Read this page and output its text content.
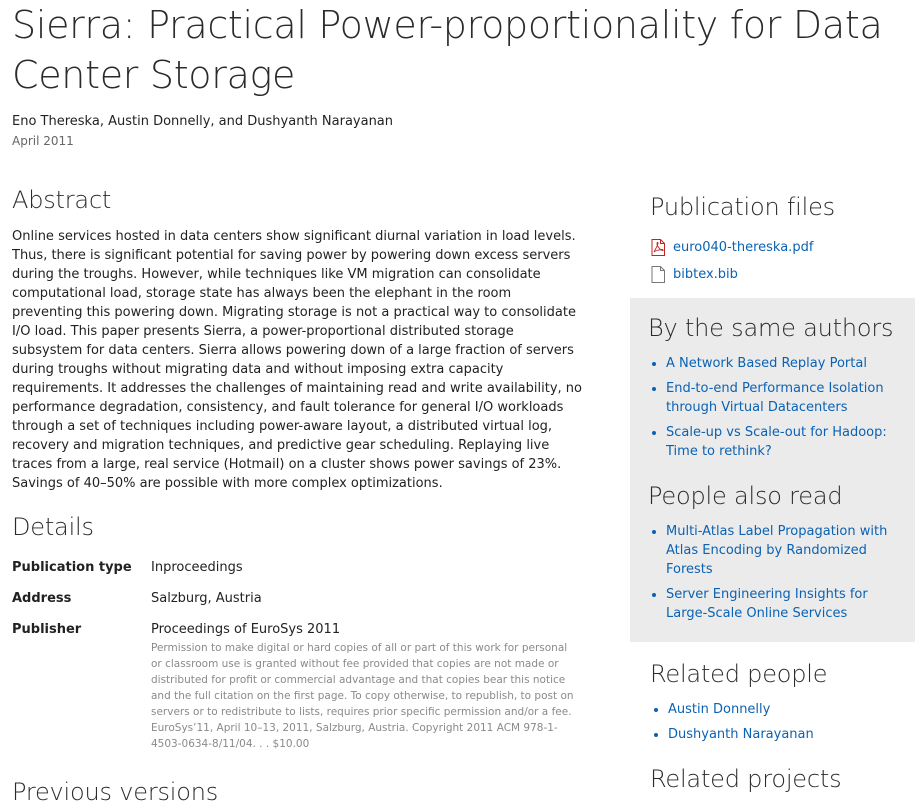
Sierra: Practical Power-proportionality for Data Center Storage
Eno Thereska, Austin Donnelly, and Dushyanth Narayanan
April 2011
Abstract

Online services hosted in data centers show significant diurnal variation in load levels. Thus, there is significant potential for saving power by powering down excess servers during the troughs. However, while techniques like VM migration can consolidate computational load, storage state has always been the elephant in the room preventing this powering down. Migrating storage is not a practical way to consolidate I/O load. This paper presents Sierra, a power-proportional distributed storage subsystem for data centers. Sierra allows powering down of a large fraction of servers during troughs without migrating data and without imposing extra capacity requirements. It addresses the challenges of maintaining read and write availability, no performance degradation, consistency, and fault tolerance for general I/O workloads through a set of techniques including power-aware layout, a distributed virtual log, recovery and migration techniques, and predictive gear scheduling. Replaying live traces from a large, real service (Hotmail) on a cluster shows power savings of 23%. Savings of 40–50% are possible with more complex optimizations.

Details
Publication type	Inproceedings
Address	Salzburg, Austria
Publisher	Proceedings of EuroSys 2011
Permission to make digital or hard copies of all or part of this work for personal or classroom use is granted without fee provided that copies are not made or distributed for profit or commercial advantage and that copies bear this notice and the full citation on the first page. To copy otherwise, to republish, to post on servers or to redistribute to lists, requires prior specific permission and/or a fee. EuroSys’11, April 10–13, 2011, Salzburg, Austria. Copyright 2011 ACM 978-1-4503-0634-8/11/04. . . $10.00
Previous versions
Publication files
euro040-thereska.pdf
bibtex.bib
By the same authors
• A Network Based Replay Portal
• End-to-end Performance Isolation through Virtual Datacenters
• Scale-up vs Scale-out for Hadoop: Time to rethink?
People also read
• Multi-Atlas Label Propagation with Atlas Encoding by Randomized Forests
• Server Engineering Insights for Large-Scale Online Services
Related people
• Austin Donnelly
• Dushyanth Narayanan
Related projects
